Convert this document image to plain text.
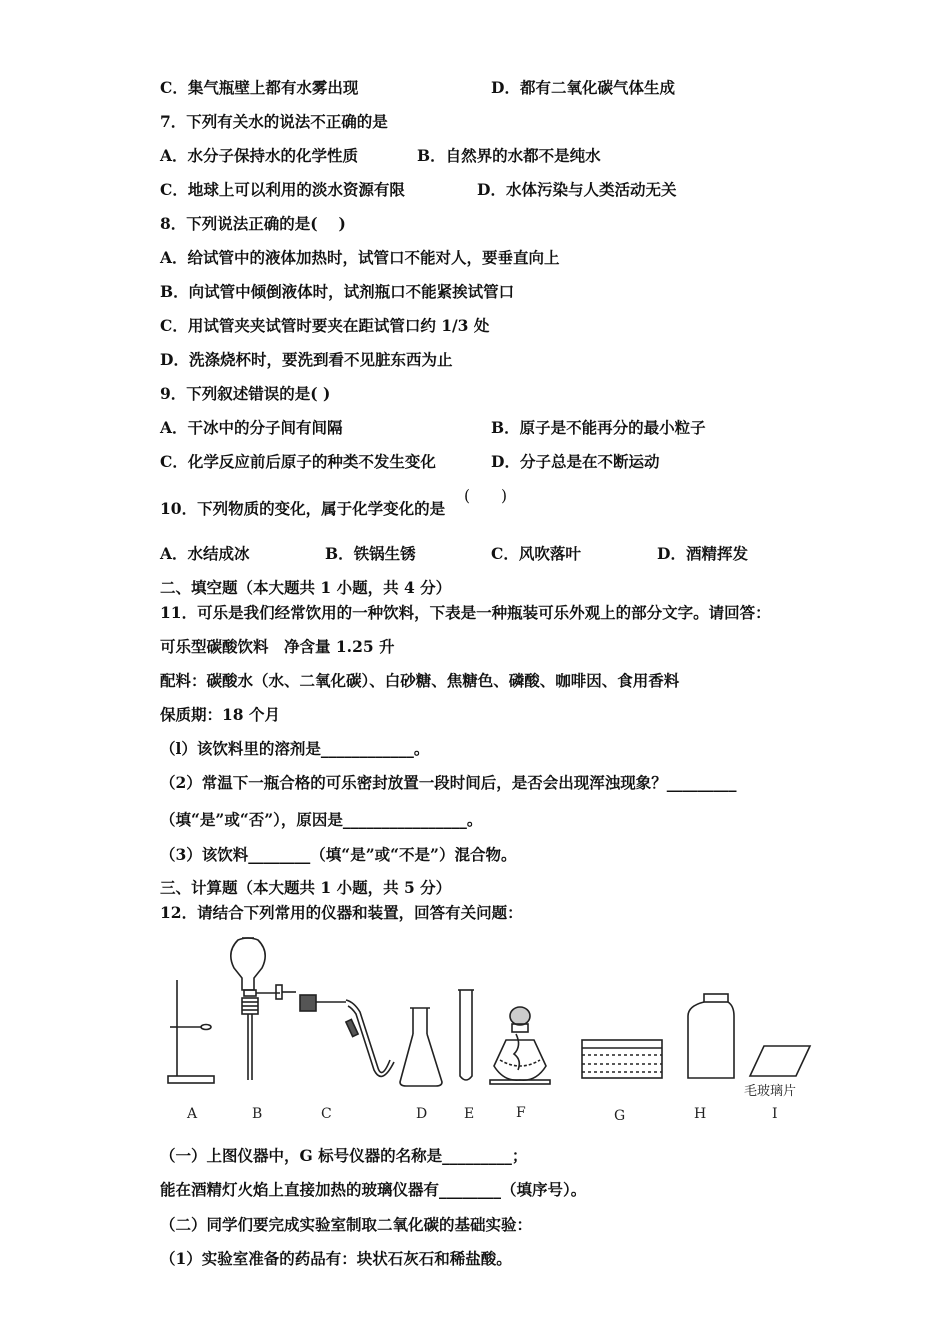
C．集气瓶壁上都有水雾出现	D．都有二氧化碳气体生成
7．下列有关水的说法不正确的是
A．水分子保持水的化学性质	B．自然界的水都不是纯水
C．地球上可以利用的淡水资源有限	D．水体污染与人类活动无关
8．下列说法正确的是(　 )
A．给试管中的液体加热时，试管口不能对人，要垂直向上
B．向试管中倾倒液体时，试剂瓶口不能紧挨试管口
C．用试管夹夹试管时要夹在距试管口约 1/3 处
D．洗涤烧杯时，要洗到看不见脏东西为止
9．下列叙述错误的是( )
A．干冰中的分子间有间隔	B．原子是不能再分的最小粒子
C．化学反应前后原子的种类不发生变化	D．分子总是在不断运动
10．下列物质的变化，属于化学变化的是
(　　)
A．水结成冰	B．铁锅生锈	C．风吹落叶	D．酒精挥发
二、填空题（本大题共 1 小题，共 4 分）
11．可乐是我们经常饮用的一种饮料，下表是一种瓶装可乐外观上的部分文字。请回答：
可乐型碳酸饮料　净含量 1.25 升
配料：碳酸水（水、二氧化碳）、白砂糖、焦糖色、磷酸、咖啡因、食用香料
保质期：18 个月
（l）该饮料里的溶剂是____________。
（2）常温下一瓶合格的可乐密封放置一段时间后，是否会出现浑浊现象？_________
（填“是”或“否”），原因是________________。
（3）该饮料________（填“是”或“不是”）混合物。
三、计算题（本大题共 1 小题，共 5 分）
12．请结合下列常用的仪器和装置，回答有关问题：
A	B	C	D	E	F	G	H	I
毛玻璃片
（一）上图仪器中，G 标号仪器的名称是_________；
能在酒精灯火焰上直接加热的玻璃仪器有________（填序号）。
（二）同学们要完成实验室制取二氧化碳的基础实验：
（1）实验室准备的药品有：块状石灰石和稀盐酸。
